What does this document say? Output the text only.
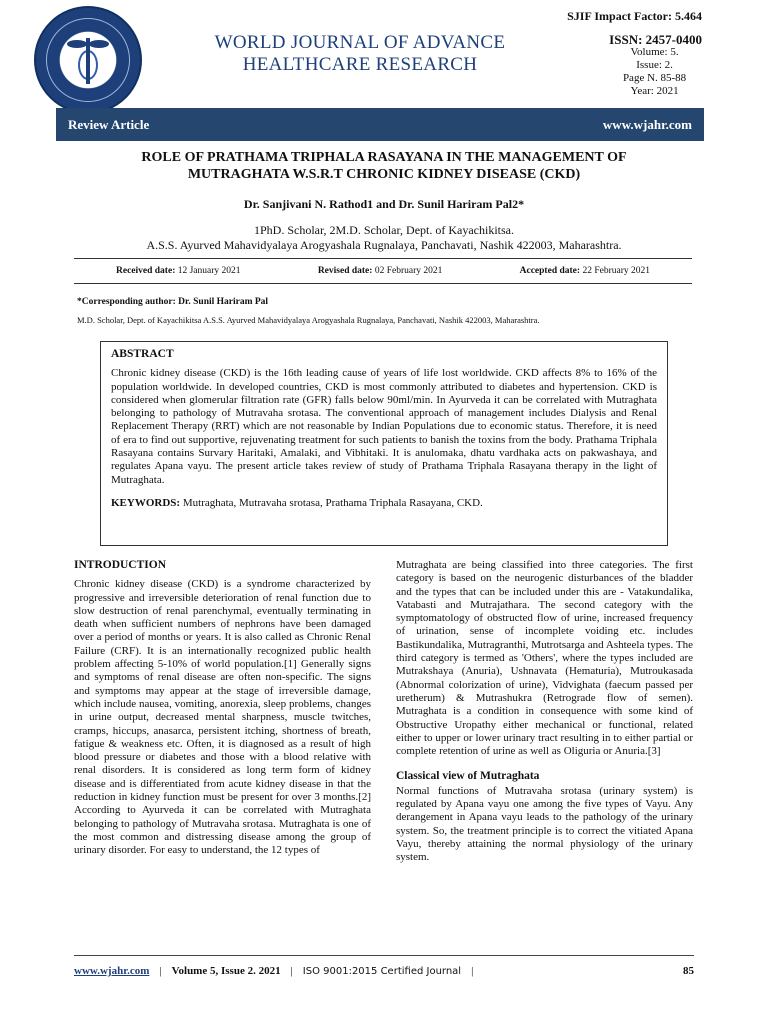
WORLD JOURNAL OF ADVANCE
HEALTHCARE RESEARCH
SJIF Impact Factor: 5.464
ISSN: 2457-0400
Volume: 5.
Issue: 2.
Page N. 85-88
Year: 2021
Review Article	www.wjahr.com
ROLE OF PRATHAMA TRIPHALA RASAYANA IN THE MANAGEMENT OF
MUTRAGHATA W.S.R.T CHRONIC KIDNEY DISEASE (CKD)
Dr. Sanjivani N. Rathod1 and Dr. Sunil Hariram Pal2*
1PhD. Scholar, 2M.D. Scholar, Dept. of Kayachikitsa.
A.S.S. Ayurved Mahavidyalaya Arogyashala Rugnalaya, Panchavati, Nashik 422003, Maharashtra.
Received date: 12 January 2021	Revised date: 02 February 2021	Accepted date: 22 February 2021
*Corresponding author: Dr. Sunil Hariram Pal
M.D. Scholar, Dept. of Kayachikitsa A.S.S. Ayurved Mahavidyalaya Arogyashala Rugnalaya, Panchavati, Nashik 422003, Maharashtra.
ABSTRACT

Chronic kidney disease (CKD) is the 16th leading cause of years of life lost worldwide. CKD affects 8% to 16% of the population worldwide. In developed countries, CKD is most commonly attributed to diabetes and hypertension. CKD is considered when glomerular filtration rate (GFR) falls below 90ml/min. In Ayurveda it can be correlated with Mutraghata belonging to pathology of Mutravaha srotasa. The conventional approach of management includes Dialysis and Renal Replacement Therapy (RRT) which are not reasonable by Indian Populations due to economic status. Therefore, it is need of era to find out supportive, rejuvenating treatment for such patients to banish the toxins from the body. Prathama Triphala Rasayana contains Survary Haritaki, Amalaki, and Vibhitaki. It is anulomaka, dhatu vardhaka acts on pakwashaya, and regulates Apana vayu. The present article takes review of study of Prathama Triphala Rasayana therapy in the light of Mutraghata.

KEYWORDS: Mutraghata, Mutravaha srotasa, Prathama Triphala Rasayana, CKD.

INTRODUCTION

Chronic kidney disease (CKD) is a syndrome characterized by progressive and irreversible deterioration of renal function due to slow destruction of renal parenchymal, eventually terminating in death when sufficient numbers of nephrons have been damaged over a period of months or years. It is also called as Chronic Renal Failure (CRF). It is an internationally recognized public health problem affecting 5-10% of world population.[1] Generally signs and symptoms of renal disease are often non-specific. The signs and symptoms may appear at the stage of irreversible damage, which include nausea, vomiting, anorexia, sleep problems, changes in urine output, decreased mental sharpness, muscle twitches, cramps, hiccups, anasarca, persistent itching, shortness of breath, fatigue & weakness etc. Often, it is diagnosed as a result of high blood pressure or diabetes and those with a blood relative with renal disorders. It is considered as long term form of kidney disease and is differentiated from acute kidney disease in that the reduction in kidney function must be present for over 3 months.[2] According to Ayurveda it can be correlated with Mutraghata belonging to pathology of Mutravaha srotasa. Mutraghata is one of the most common and distressing disease among the group of urinary disorder. For easy to understand, the 12 types of

Mutraghata are being classified into three categories. The first category is based on the neurogenic disturbances of the bladder and the types that can be included under this are - Vatakundalika, Vatabasti and Mutrajathara. The second category with the symptomatology of obstructed flow of urine, increased frequency of urination, sense of incomplete voiding etc. includes Bastikundalika, Mutragranthi, Mutrotsarga and Ashteela types. The third category is termed as 'Others', where the types included are Mutrakshaya (Anuria), Ushnavata (Hematuria), Mutroukasada (Abnormal colorization of urine), Vidvighata (faecum passed per uretherum) & Mutrashukra (Retrograde flow of semen). Mutraghata is a condition in consequence with some kind of Obstructive Uropathy either mechanical or functional, related either to upper or lower urinary tract resulting in to either partial or complete retention of urine as well as Oliguria or Anuria.[3]

Classical view of Mutraghata

Normal functions of Mutravaha srotasa (urinary system) is regulated by Apana vayu one among the five types of Vayu. Any derangement in Apana vayu leads to the pathology of the urinary system. So, the treatment principle is to correct the vitiated Apana Vayu, thereby attaining the normal physiology of the urinary system.

www.wjahr.com | Volume 5, Issue 2. 2021 | ISO 9001:2015 Certified Journal |	85
